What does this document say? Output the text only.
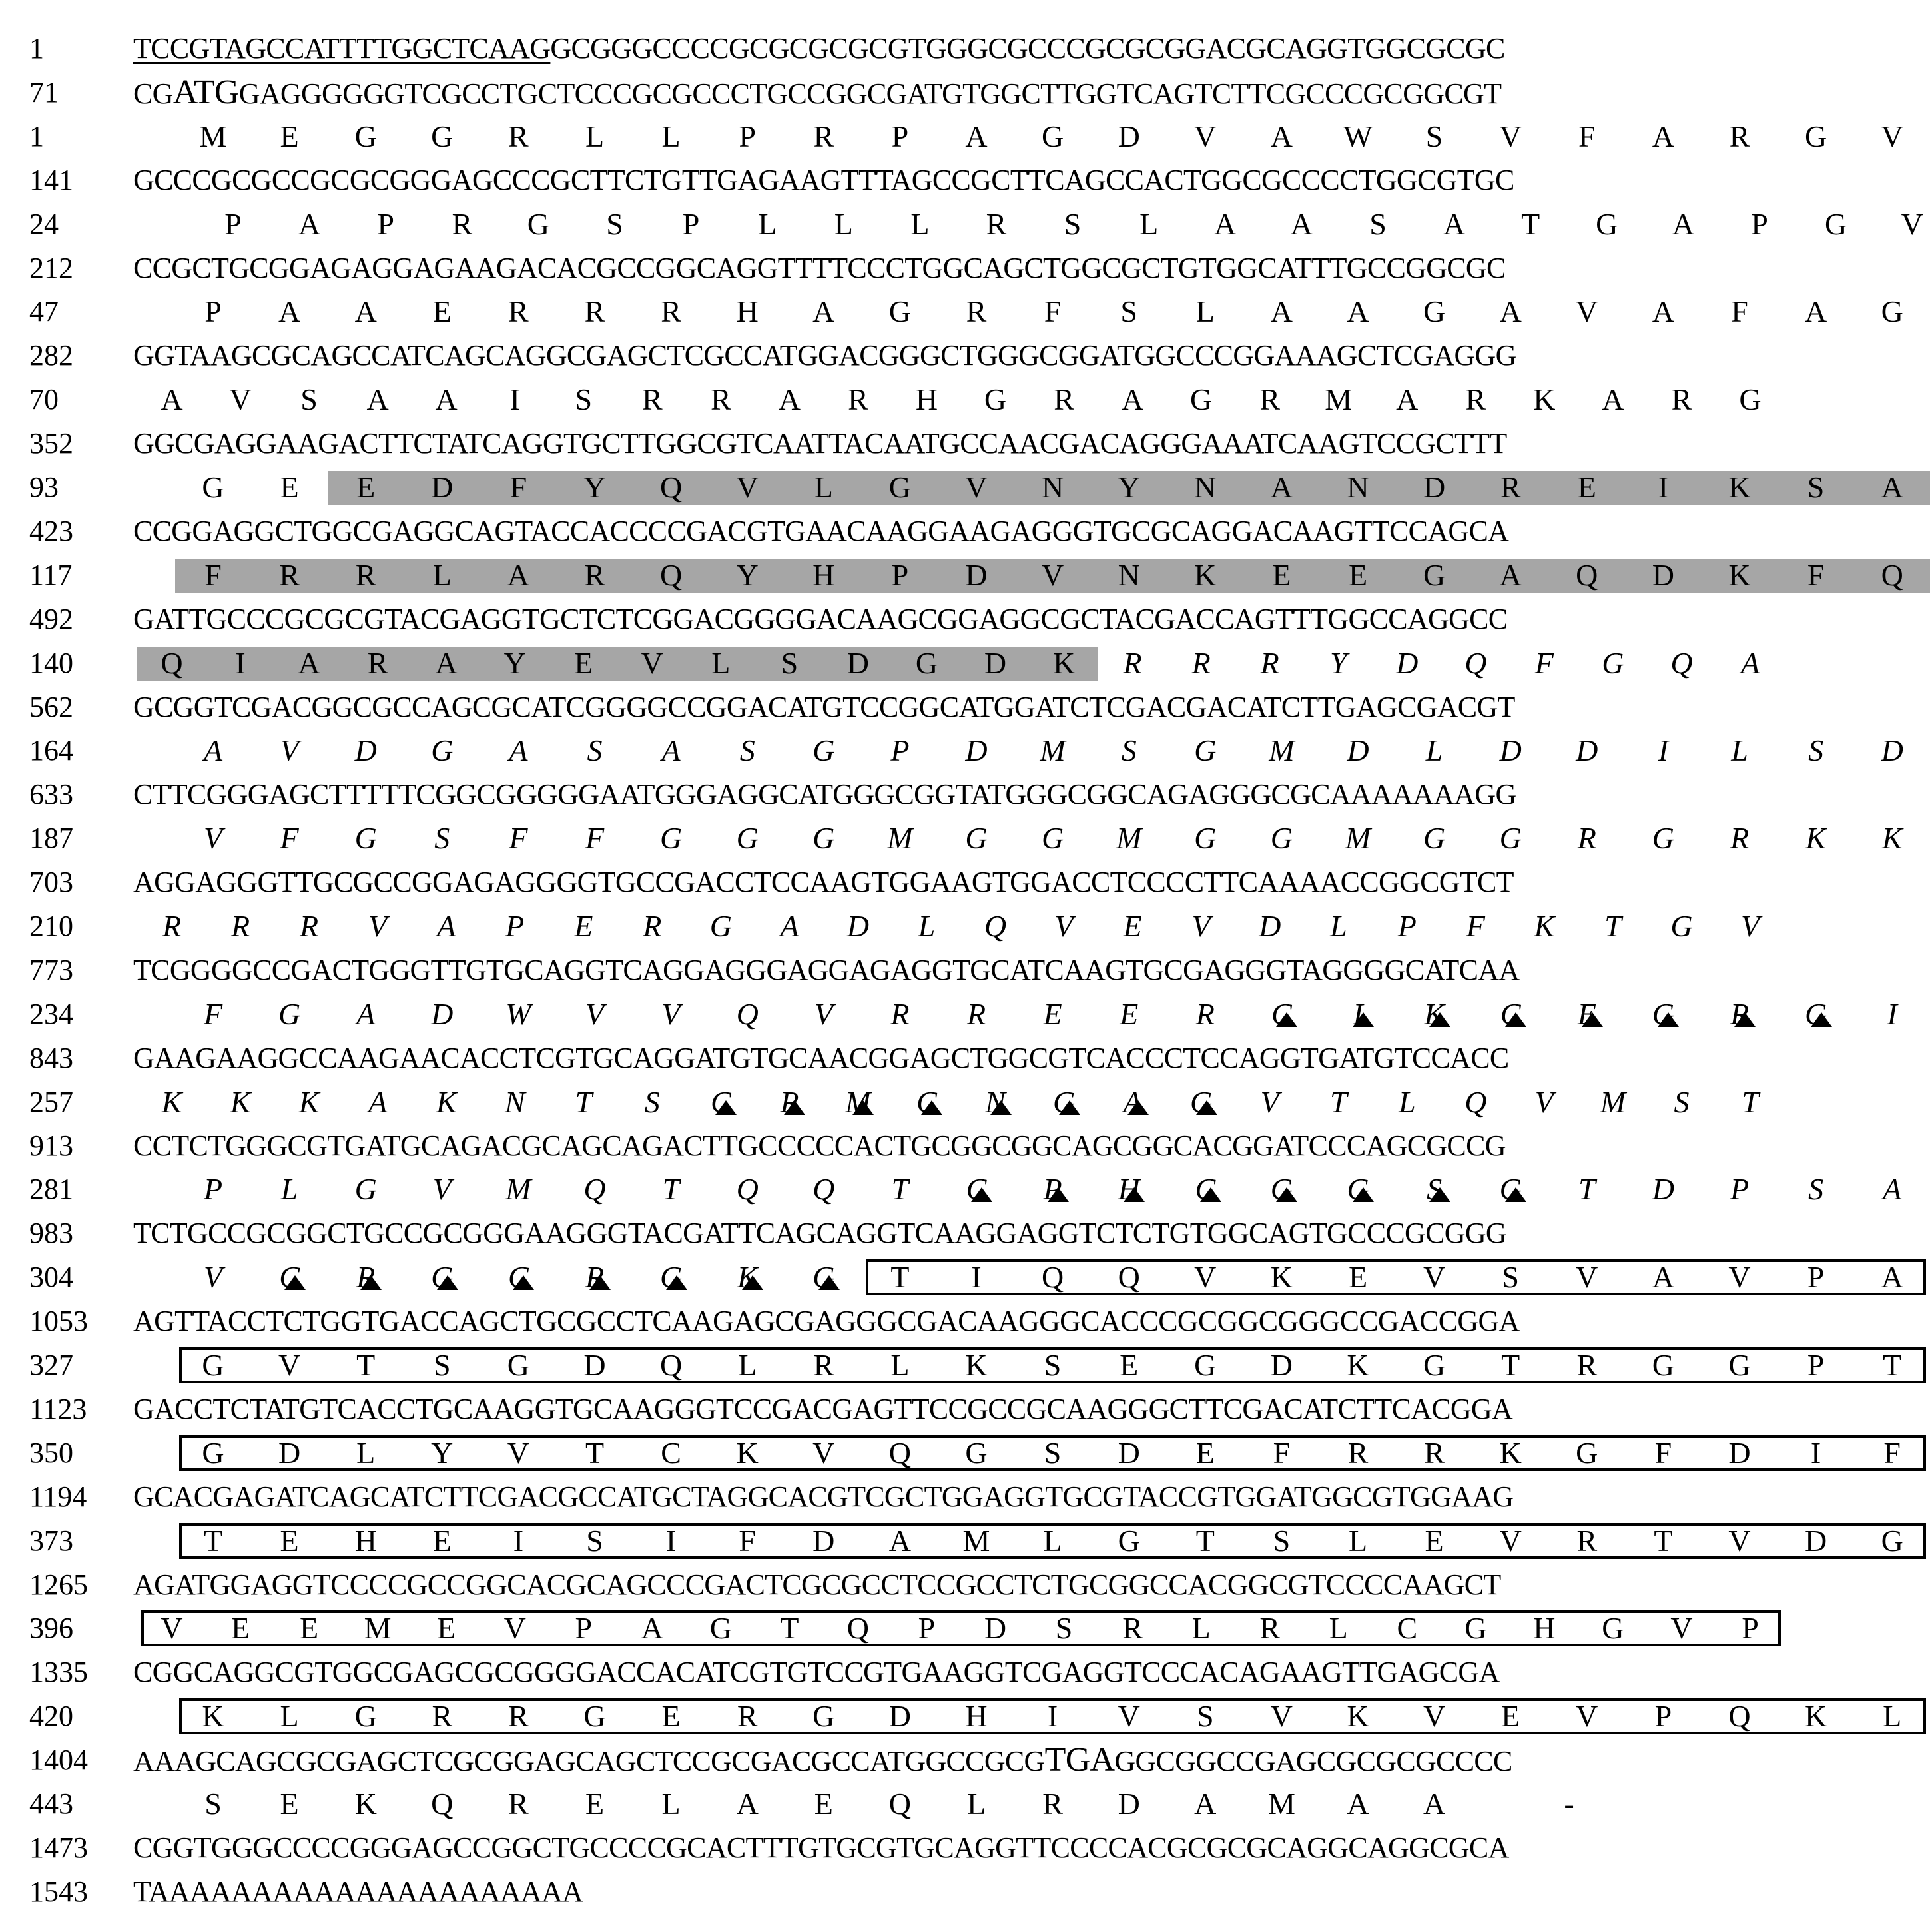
1	TCCGTAGCCATTTTGGCTCAAGGCGGGCCCCGCGCGCGCGTGGGCGCCCGCGCGGACGCAGGTGGCGCGC
71	CGATGGAGGGGGGTCGCCTGCTCCCGCGCCCTGCCGGCGATGTGGCTTGGTCAGTCTTCGCCCGCGGCGT
1	M	E	G G	R	L	L	P	R	P	A G D V A W	S	V	F	A	R	G V
141 GCCCGCGCCGCGCGGGAGCCCGCTTCTGTTGAGAAGTTTAGCCGCTTCAGCCACTGGCGCCCCTGGCGTGC
24	P	A	P	R	G	S	P	L	L	L	R	S	L	A A	S	A	T	G A	P	G V
212 CCGCTGCGGAGAGGAGAAGACACGCCGGCAGGTTTTCCCTGGCAGCTGGCGCTGTGGCATTTGCCGGCGC
47	P	A A	E	R	R	R	H A G	R	F	S	L	A A G A V A	F	A G
282 GGTAAGCGCAGCCATCAGCAGGCGAGCTCGCCATGGACGGGCTGGGCGGATGGCCCGGAAAGCTCGAGGG
70	A V	S	A A	I	S	R	R	A	R	H G	R	A G	R	M A	R	K A	R	G
352 GGCGAGGAAGACTTCTATCAGGTGCTTGGCGTCAATTACAATGCCAACGACAGGGAAATCAAGTCCGCTTT
93	G	E	E	D	F	Y Q V	L	G V N Y N A N D	R	E	I	K	S	A
423 CCGGAGGCTGGCGAGGCAGTACCACCCCGACGTGAACAAGGAAGAGGGTGCGCAGGACAAGTTCCAGCA
117	F	R	R	L	A	R	Q Y H	P	D V N K	E	E	G A Q D K	F	Q
492 GATTGCCCGCGCGTACGAGGTGCTCTCGGACGGGGACAAGCGGAGGCGCTACGACCAGTTTGGCCAGGCC
140	Q	I	A	R	A Y	E	V	L	S	D G D K	R	R	R	Y	D Q	F	G Q	A
562 GCGGTCGACGGCGCCAGCGCATCGGGGCCGGACATGTCCGGCATGGATCTCGACGACATCTTGAGCGACGT
164	A	V	D G	A	S	A	S	G	P	D M	S	G M D	L	D D	I	L	S	D
633 CTTCGGGAGCTTTTTCGGCGGGGGAATGGGAGGCATGGGCGGTATGGGCGGCAGAGGGCGCAAAAAAAGG
187	V	F	G	S	F	F	G G G M G G M G G M G G	R	G	R	K	K
703 AGGAGGGTTGCGCCGGAGAGGGGTGCCGACCTCCAAGTGGAAGTGGACCTCCCCTTCAAAACCGGCGTCT
210	R	R	R	V	A	P	E	R	G	A	D	L	Q	V	E	V	D	L	P	F	K	T	G	V
773 TCGGGGCCGACTGGGTTGTGCAGGTCAGGAGGGAGGAGAGGTGCATCAAGTGCGAGGGTAGGGGCATCAA
234	F	G	A	D W	V	V	Q	V	R	R	E	E	R	C	I	K	C	E	G	R	G	I
843 GAAGAAGGCCAAGAACACCTCGTGCAGGATGTGCAACGGAGCTGGCGTCACCCTCCAGGTGATGTCCACC
257	K	K	K	A	K	N	T	S	C	R	M	C	N	G	A	G	V	T	L	Q	V	M	S	T
913 CCTCTGGGCGTGATGCAGACGCAGCAGACTTGCCCCCACTGCGGCGGCAGCGGCACGGATCCCAGCGCCG
281	P	L	G	V	M Q	T	Q Q	T	C	P	H	C	G G	S	G	T	D	P	S	A
983 TCTGCCGCGGCTGCCGCGGGAAGGGTACGATTCAGCAGGTCAAGGAGGTCTCTGTGGCAGTGCCCGCGGG
304	V	C	R	G	C	R	G	K	G	T	I	Q Q V K	E	V	S	V A V	P	A
1053 AGTTACCTCTGGTGACCAGCTGCGCCTCAAGAGCGAGGGCGACAAGGGCACCCGCGGCGGGCCGACCGGA
327	G V	T	S	G D Q	L	R	L	K	S	E	G D K G	T	R	G G	P	T
1123 GACCTCTATGTCACCTGCAAGGTGCAAGGGTCCGACGAGTTCCGCCGCAAGGGCTTCGACATCTTCACGGA
350	G D	L	Y V	T	C	K V Q G	S	D	E	F	R	R	K G	F	D	I	F
1194 GCACGAGATCAGCATCTTCGACGCCATGCTAGGCACGTCGCTGGAGGTGCGTACCGTGGATGGCGTGGAAG
373	T	E	H	E	I	S	I	F	D A M	L	G	T	S	L	E	V	R	T	V D G
1265 AGATGGAGGTCCCCGCCGGCACGCAGCCCGACTCGCGCCTCCGCCTCTGCGGCCACGGCGTCCCCAAGCT
396	V	E	E	M	E	V	P	A G	T	Q	P	D	S	R	L	R	L	C	G H G V	P
1335 CGGCAGGCGTGGCGAGCGCGGGGACCACATCGTGTCCGTGAAGGTCGAGGTCCCACAGAAGTTGAGCGA
420	K	L	G	R	R	G	E	R	G D H	I	V	S	V K V	E	V	P	Q K	L
1404 AAAGCAGCGCGAGCTCGCGGAGCAGCTCCGCGACGCCATGGCCGCGTGAGGCGGCCGAGCGCGCGCCCC
443	S	E	K Q	R	E	L	A	E	Q	L	R	D A M A A	-
1473 CGGTGGGCCCCGGGAGCCGGCTGCCCCGCACTTTGTGCGTGCAGGTTCCCCACGCGCGCAGGCAGGCGCA
1543 TAAAAAAAAAAAAAAAAAAAAA
